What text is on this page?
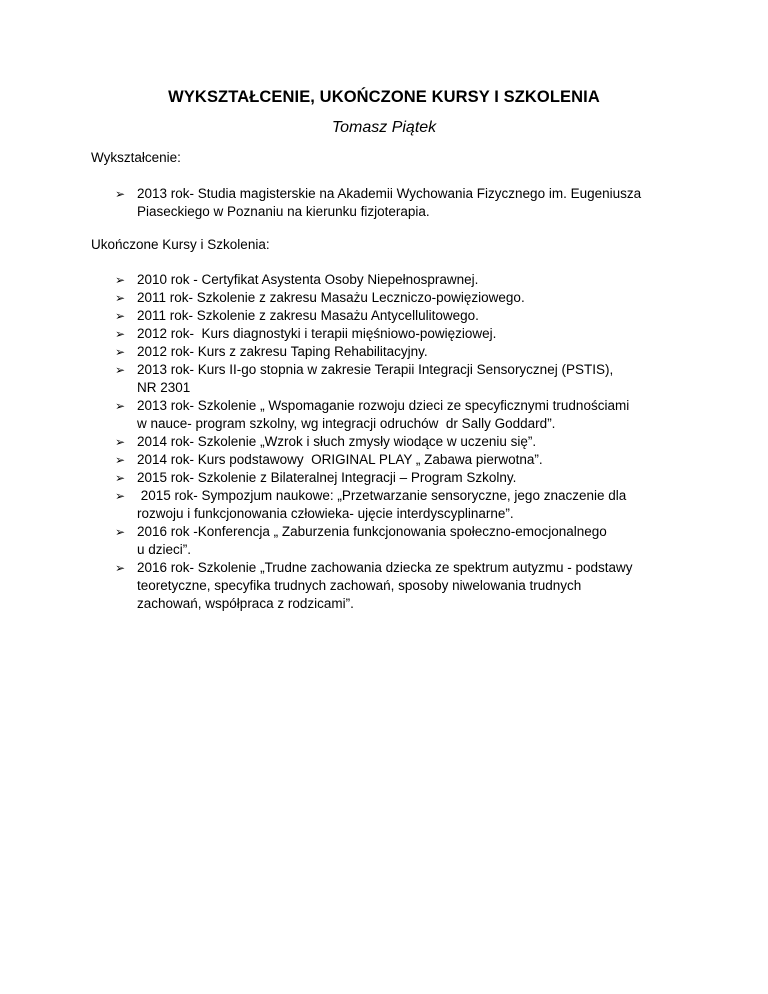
WYKSZTAŁCENIE, UKOŃCZONE KURSY I SZKOLENIA
Tomasz Piątek
Wykształcenie:
➢ 2013 rok- Studia magisterskie na Akademii Wychowania Fizycznego im. Eugeniusza
Piaseckiego w Poznaniu na kierunku fizjoterapia.
Ukończone Kursy i Szkolenia:
➢ 2010 rok - Certyfikat Asystenta Osoby Niepełnosprawnej.
➢ 2011 rok- Szkolenie z zakresu Masażu Leczniczo-powięziowego.
➢ 2011 rok- Szkolenie z zakresu Masażu Antycellulitowego.
➢ 2012 rok-  Kurs diagnostyki i terapii mięśniowo-powięziowej.
➢ 2012 rok- Kurs z zakresu Taping Rehabilitacyjny.
➢ 2013 rok- Kurs II-go stopnia w zakresie Terapii Integracji Sensorycznej (PSTIS),
NR 2301
➢ 2013 rok- Szkolenie „ Wspomaganie rozwoju dzieci ze specyficznymi trudnościami
w nauce- program szkolny, wg integracji odruchów  dr Sally Goddard”.
➢ 2014 rok- Szkolenie „Wzrok i słuch zmysły wiodące w uczeniu się”.
➢ 2014 rok- Kurs podstawowy  ORIGINAL PLAY „ Zabawa pierwotna”.
➢ 2015 rok- Szkolenie z Bilateralnej Integracji – Program Szkolny.
➢	2015 rok- Sympozjum naukowe: „Przetwarzanie sensoryczne, jego znaczenie dla
rozwoju i funkcjonowania człowieka- ujęcie interdyscyplinarne”.
➢ 2016 rok -Konferencja „ Zaburzenia funkcjonowania społeczno-emocjonalnego
u dzieci”.
➢ 2016 rok- Szkolenie „Trudne zachowania dziecka ze spektrum autyzmu - podstawy
teoretyczne, specyfika trudnych zachowań, sposoby niwelowania trudnych
zachowań, współpraca z rodzicami”.
